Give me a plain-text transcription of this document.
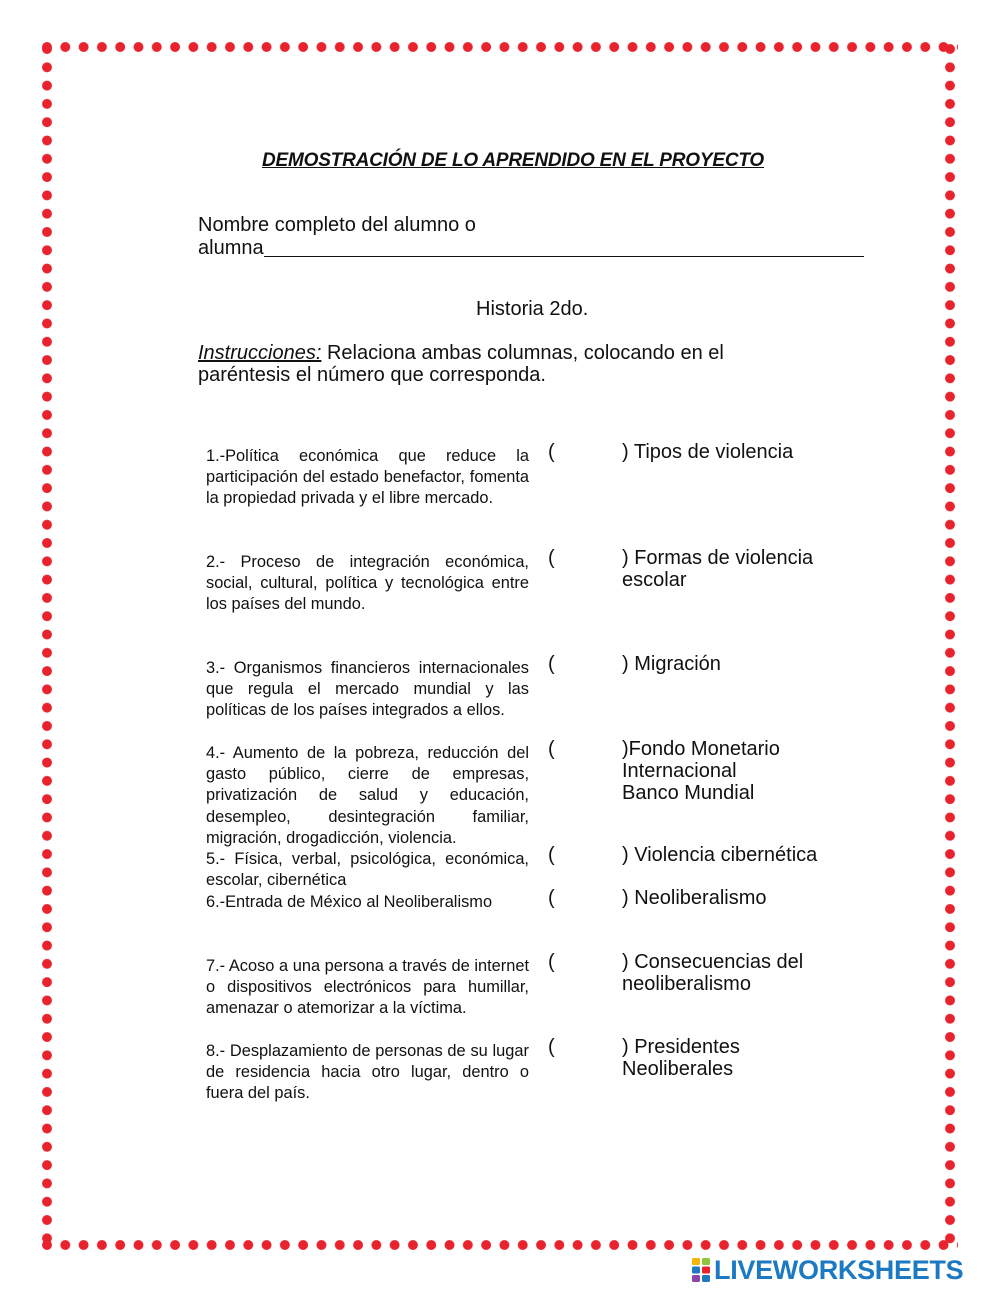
DEMOSTRACIÓN DE LO APRENDIDO EN EL PROYECTO
Nombre completo del alumno o
alumna
Historia 2do.
Instrucciones: Relaciona ambas columnas, colocando en el paréntesis el número que corresponda.
1.-Política económica que reduce la participación del estado benefactor, fomenta la propiedad privada y el libre mercado.
(	) Tipos de violencia
2.- Proceso de integración económica, social, cultural, política y tecnológica entre los países del mundo.
(	) Formas de violencia
escolar
3.- Organismos financieros internacionales que regula el mercado mundial y las políticas de los países integrados a ellos.
(	) Migración
4.- Aumento de la pobreza, reducción del gasto público, cierre de empresas, privatización de salud y educación, desempleo, desintegración familiar, migración, drogadicción, violencia.
(	)Fondo Monetario
Internacional
Banco Mundial
5.- Física, verbal, psicológica, económica, escolar, cibernética
(	) Violencia cibernética
6.-Entrada de México al Neoliberalismo	(	) Neoliberalismo
7.- Acoso a una persona a través de internet o dispositivos electrónicos para humillar, amenazar o atemorizar a la víctima.
(	) Consecuencias del
neoliberalismo
8.- Desplazamiento de personas de su lugar de residencia hacia otro lugar, dentro o fuera del país.
(	) Presidentes
Neoliberales
LIVEWORKSHEETS
